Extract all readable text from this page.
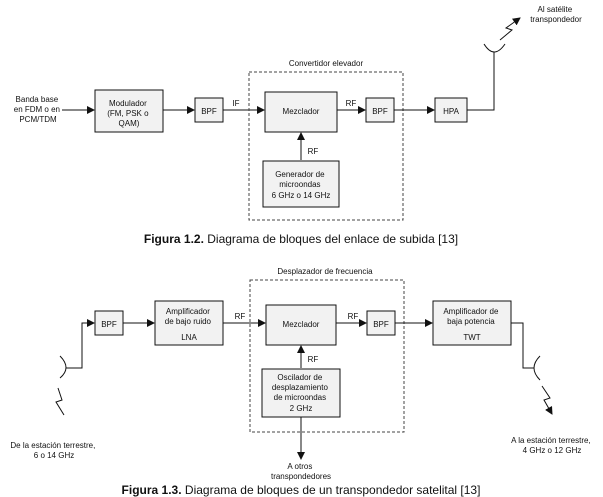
Banda base en FDM o en PCM/TDM
Modulador (FM, PSK o QAM)
BPF
IF
Convertidor elevador
Mezclador
RF
BPF	HPA
Al satélite transpondedor
RF
Generador de microondas 6 GHz o 14 GHz
Figura 1.2. Diagrama de bloques del enlace de subida [13]
Desplazador de frecuencia
De la estación terrestre, 6 o 14 GHz
BPF
Amplificador de bajo ruido LNA
RF
Mezclador
RF
BPF
Amplificador de baja potencia TWT
A la estación terrestre, 4 GHz o 12 GHz
RF
Oscilador de desplazamiento de microondas 2 GHz
A otros transpondedores
Figura 1.3. Diagrama de bloques de un transpondedor satelital [13]
